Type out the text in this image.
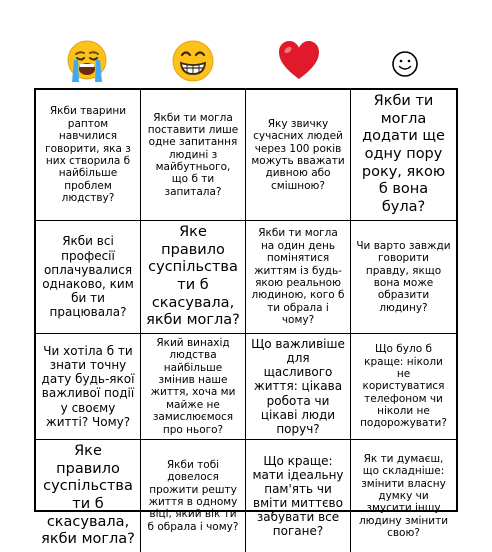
Якби тварини раптом навчилися говорити, яка з них створила б найбільше проблем людству?
Якби ти могла поставити лише одне запитання людині з майбутнього, що б ти запитала?
Яку звичку сучасних людей через 100 років можуть вважати дивною або смішною?
Якби ти могла додати ще одну пору року, якою б вона була?
Якби всі професії оплачувалися однаково, ким би ти працювала?
Яке правило суспільства ти б скасувала, якби могла?
Якби ти могла на один день помінятися життям із будь-якою реальною людиною, кого б ти обрала і чому?
Чи варто завжди говорити правду, якщо вона може образити людину?
Чи хотіла б ти знати точну дату будь-якої важливої події у своєму житті? Чому?
Який винахід людства найбільше змінив наше життя, хоча ми майже не замислюємося про нього?
Що важливіше для щасливого життя: цікава робота чи цікаві люди поруч?
Що було б краще: ніколи не користуватися телефоном чи ніколи не подорожувати?
Яке правило суспільства ти б скасувала, якби могла?
Якби тобі довелося прожити решту життя в одному віці, який вік ти б обрала і чому?
Що краще: мати ідеальну пам'ять чи вміти миттєво забувати все погане?
Як ти думаєш, що складніше: змінити власну думку чи змусити іншу людину змінити свою?
